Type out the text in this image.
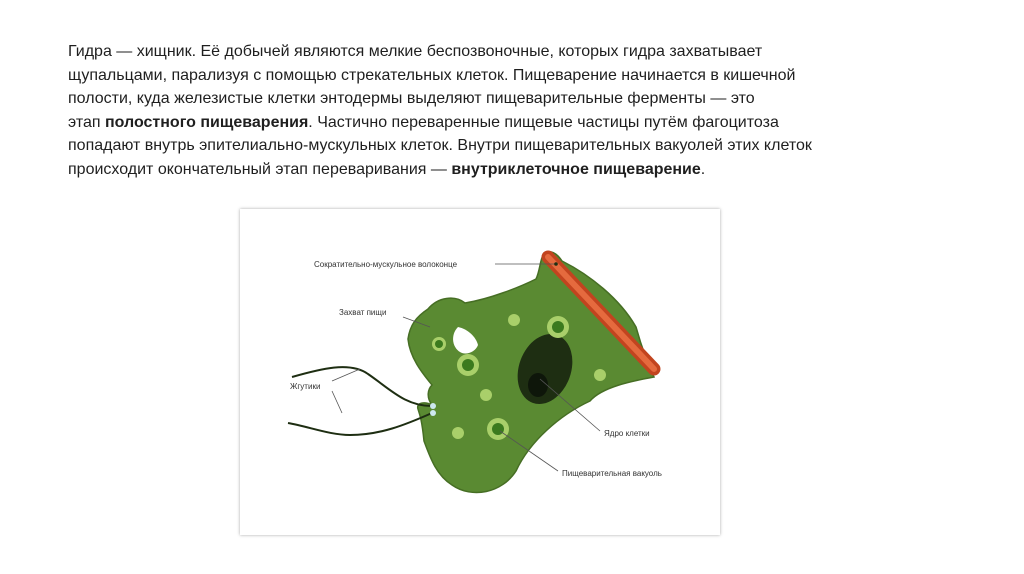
Гидра — хищник. Её добычей являются мелкие беспозвоночные, которых гидра захватывает
щупальцами, парализуя с помощью стрекательных клеток. Пищеварение начинается в кишечной
полости, куда железистые клетки энтодермы выделяют пищеварительные ферменты — это
этап полостного пищеварения. Частично переваренные пищевые частицы путём фагоцитоза
попадают внутрь эпителиально-мускульных клеток. Внутри пищеварительных вакуолей этих клеток
происходит окончательный этап переваривания — внутриклеточное пищеварение.
Сократительно-мускульное волоконце
Захват пищи
Жгутики
Ядро клетки
Пищеварительная вакуоль
